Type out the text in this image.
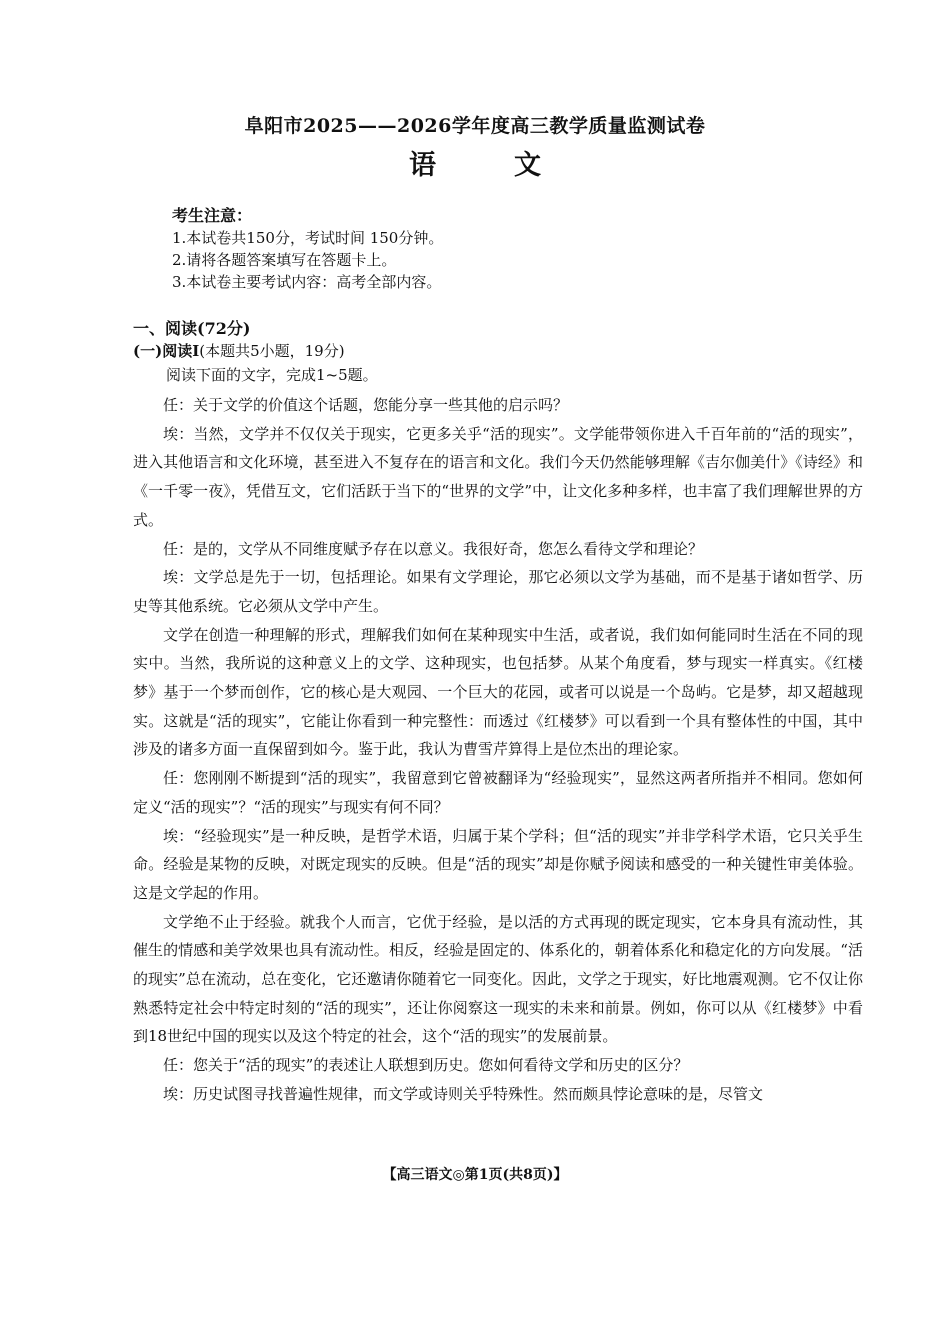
阜阳市2025——2026学年度高三教学质量监测试卷
语	文
考生注意：
1.本试卷共150分，考试时间 150分钟。
2.请将各题答案填写在答题卡上。
3.本试卷主要考试内容：高考全部内容。
一、阅读(72分)
(一)阅读Ⅰ(本题共5小题，19分)
阅读下面的文字，完成1~5题。

任：关于文学的价值这个话题，您能分享一些其他的启示吗？

埃：当然，文学并不仅仅关于现实，它更多关乎“活的现实”。文学能带领你进入千百年前的“活的现实”，进入其他语言和文化环境，甚至进入不复存在的语言和文化。我们今天仍然能够理解《吉尔伽美什》《诗经》和《一千零一夜》，凭借互文，它们活跃于当下的“世界的文学”中，让文化多种多样，也丰富了我们理解世界的方式。

任：是的，文学从不同维度赋予存在以意义。我很好奇，您怎么看待文学和理论？

埃：文学总是先于一切，包括理论。如果有文学理论，那它必须以文学为基础，而不是基于诸如哲学、历史等其他系统。它必须从文学中产生。

文学在创造一种理解的形式，理解我们如何在某种现实中生活，或者说，我们如何能同时生活在不同的现实中。当然，我所说的这种意义上的文学、这种现实，也包括梦。从某个角度看，梦与现实一样真实。《红楼梦》基于一个梦而创作，它的核心是大观园、一个巨大的花园，或者可以说是一个岛屿。它是梦，却又超越现实。这就是“活的现实”，它能让你看到一种完整性：而透过《红楼梦》可以看到一个具有整体性的中国，其中涉及的诸多方面一直保留到如今。鉴于此，我认为曹雪芹算得上是位杰出的理论家。

任：您刚刚不断提到“活的现实”，我留意到它曾被翻译为“经验现实”，显然这两者所指并不相同。您如何定义“活的现实”？“活的现实”与现实有何不同？

埃：“经验现实”是一种反映，是哲学术语，归属于某个学科；但“活的现实”并非学科学术语，它只关乎生命。经验是某物的反映，对既定现实的反映。但是“活的现实”却是你赋予阅读和感受的一种关键性审美体验。这是文学起的作用。

文学绝不止于经验。就我个人而言，它优于经验，是以活的方式再现的既定现实，它本身具有流动性，其催生的情感和美学效果也具有流动性。相反，经验是固定的、体系化的，朝着体系化和稳定化的方向发展。“活的现实”总在流动，总在变化，它还邀请你随着它一同变化。因此，文学之于现实，好比地震观测。它不仅让你熟悉特定社会中特定时刻的“活的现实”，还让你阅察这一现实的未来和前景。例如，你可以从《红楼梦》中看到18世纪中国的现实以及这个特定的社会，这个“活的现实”的发展前景。

任：您关于“活的现实”的表述让人联想到历史。您如何看待文学和历史的区分？

埃：历史试图寻找普遍性规律，而文学或诗则关乎特殊性。然而颇具悖论意味的是，尽管文

【高三语文◎第1页(共8页)】
